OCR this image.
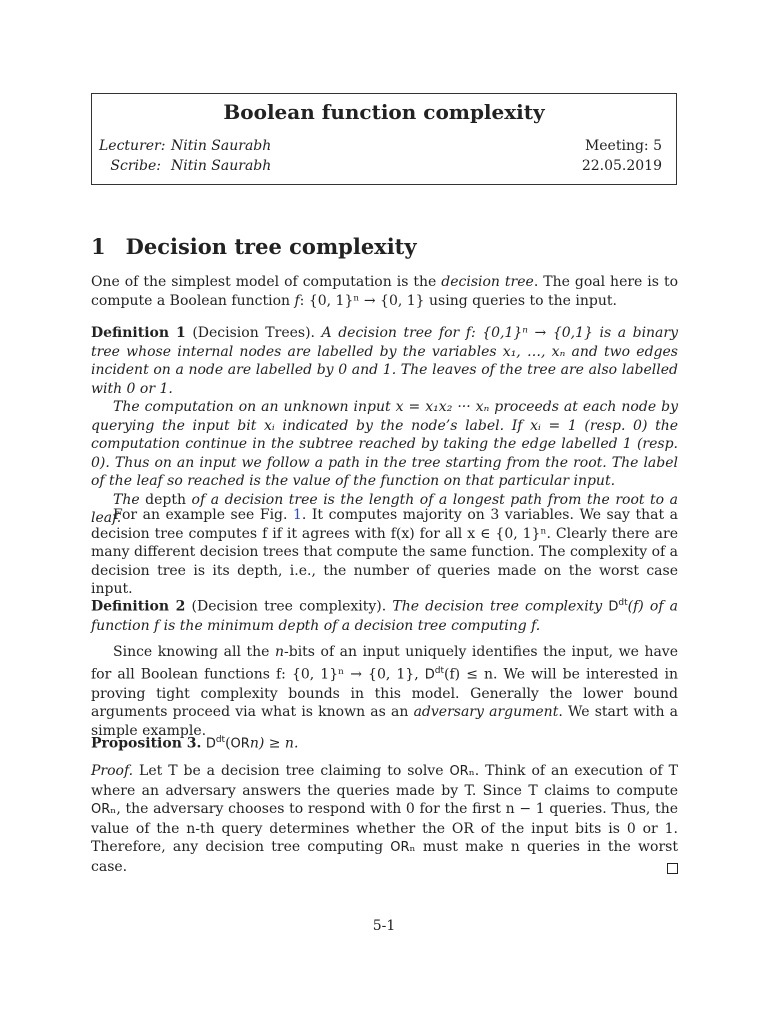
Boolean function complexity
Lecturer: Nitin Saurabh
Scribe: Nitin Saurabh
Meeting: 5
22.05.2019
1 Decision tree complexity

One of the simplest model of computation is the decision tree. The goal here is to compute a Boolean function f: {0, 1}ⁿ → {0, 1} using queries to the input.

Definition 1 (Decision Trees). A decision tree for f: {0,1}ⁿ → {0,1} is a binary tree whose internal nodes are labelled by the variables x₁, …, xₙ and two edges incident on a node are labelled by 0 and 1. The leaves of the tree are also labelled with 0 or 1.

The computation on an unknown input x = x₁x₂ ··· xₙ proceeds at each node by querying the input bit xᵢ indicated by the node’s label. If xᵢ = 1 (resp. 0) the computation continue in the subtree reached by taking the edge labelled 1 (resp. 0). Thus on an input we follow a path in the tree starting from the root. The label of the leaf so reached is the value of the function on that particular input.

The depth of a decision tree is the length of a longest path from the root to a leaf.

For an example see Fig. 1. It computes majority on 3 variables. We say that a decision tree computes f if it agrees with f(x) for all x ∈ {0, 1}ⁿ. Clearly there are many different decision trees that compute the same function. The complexity of a decision tree is its depth, i.e., the number of queries made on the worst case input.

Definition 2 (Decision tree complexity). The decision tree complexity $D^{dt}(f)$ of a function f is the minimum depth of a decision tree computing f.

Since knowing all the n-bits of an input uniquely identifies the input, we have for all Boolean functions f: {0, 1}ⁿ → {0, 1}, $D^{dt}(f) \le n$. We will be interested in proving tight complexity bounds in this model. Generally the lower bound arguments proceed via what is known as an adversary argument. We start with a simple example.

Proposition 3. $D^{dt}(ORn) \ge n$.

Proof. Let T be a decision tree claiming to solve ORₙ. Think of an execution of T where an adversary answers the queries made by T. Since T claims to compute ORₙ, the adversary chooses to respond with 0 for the first n − 1 queries. Thus, the value of the n-th query determines whether the OR of the input bits is 0 or 1. Therefore, any decision tree computing ORₙ must make n queries in the worst case.

5-1
